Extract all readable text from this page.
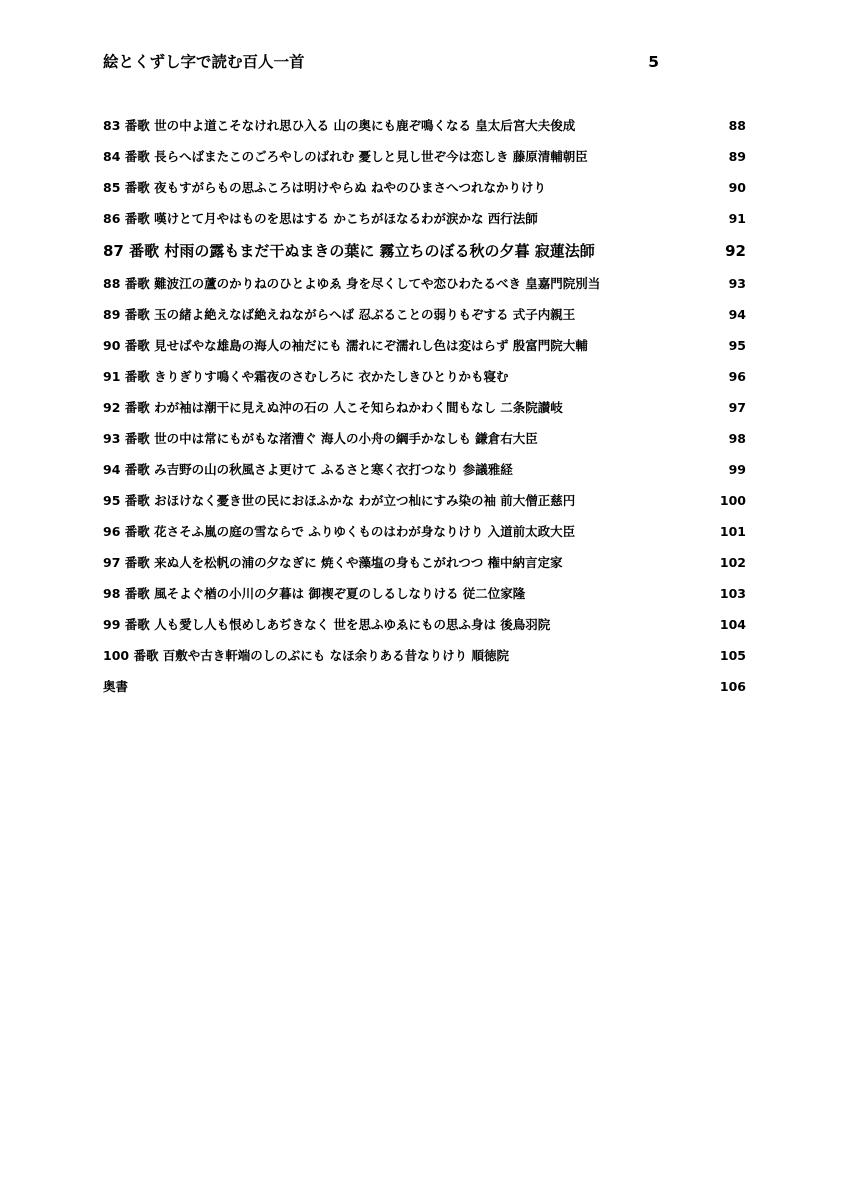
絵とくずし字で読む百人一首	5
83 番歌 世の中よ道こそなけれ思ひ入る 山の奥にも鹿ぞ鳴くなる 皇太后宮大夫俊成	88
84 番歌 長らへばまたこのごろやしのばれむ 憂しと見し世ぞ今は恋しき 藤原清輔朝臣	89
85 番歌 夜もすがらもの思ふころは明けやらぬ ねやのひまさへつれなかりけり	90
86 番歌 嘆けとて月やはものを思はする かこちがほなるわが涙かな 西行法師	91
87 番歌 村雨の露もまだ干ぬまきの葉に 霧立ちのぼる秋の夕暮 寂蓮法師	92
88 番歌 難波江の蘆のかりねのひとよゆゑ 身を尽くしてや恋ひわたるべき 皇嘉門院別当	93
89 番歌 玉の緒よ絶えなば絶えねながらへば 忍ぶることの弱りもぞする 式子内親王	94
90 番歌 見せばやな雄島の海人の袖だにも 濡れにぞ濡れし色は変はらず 殷富門院大輔	95
91 番歌 きりぎりす鳴くや霜夜のさむしろに 衣かたしきひとりかも寝む	96
92 番歌 わが袖は潮干に見えぬ沖の石の 人こそ知らねかわく間もなし 二条院讃岐	97
93 番歌 世の中は常にもがもな渚漕ぐ 海人の小舟の綱手かなしも 鎌倉右大臣	98
94 番歌 み吉野の山の秋風さよ更けて ふるさと寒く衣打つなり 参議雅経	99
95 番歌 おほけなく憂き世の民におほふかな わが立つ杣にすみ染の袖 前大僧正慈円	100
96 番歌 花さそふ嵐の庭の雪ならで ふりゆくものはわが身なりけり 入道前太政大臣	101
97 番歌 来ぬ人を松帆の浦の夕なぎに 焼くや藻塩の身もこがれつつ 権中納言定家	102
98 番歌 風そよぐ楢の小川の夕暮は 御禊ぞ夏のしるしなりける 従二位家隆	103
99 番歌 人も愛し人も恨めしあぢきなく 世を思ふゆゑにもの思ふ身は 後鳥羽院	104
100 番歌 百敷や古き軒端のしのぶにも なほ余りある昔なりけり 順徳院	105
奥書	106
